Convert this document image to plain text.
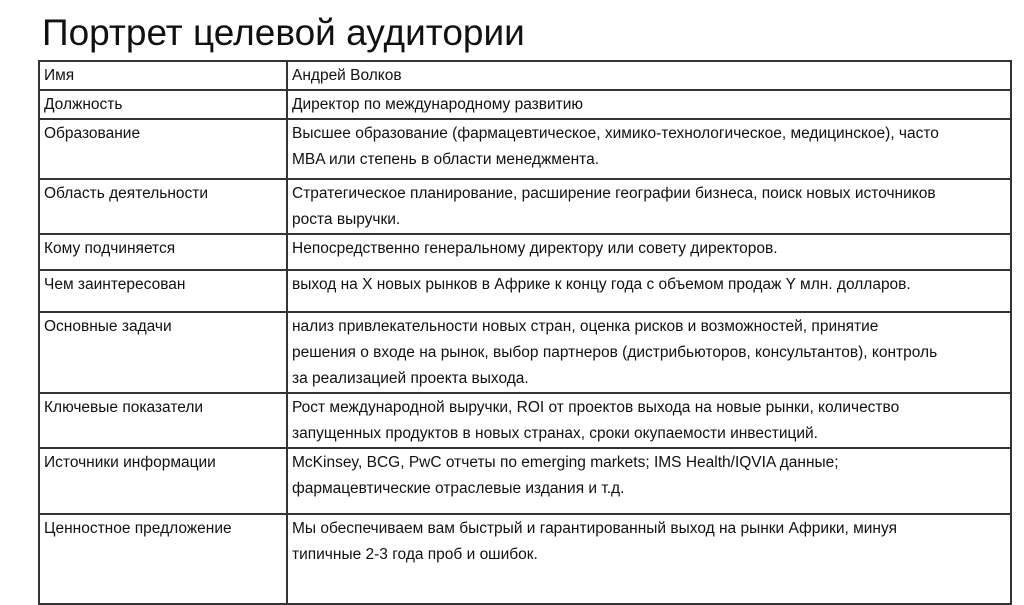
Портрет целевой аудитории
Имя	Андрей Волков
Должность	Директор по международному развитию
Образование	Высшее образование (фармацевтическое, химико-технологическое, медицинское), часто
MBA или степень в области менеджмента.
Область деятельности	Стратегическое планирование, расширение географии бизнеса, поиск новых источников
роста выручки.
Кому подчиняется	Непосредственно генеральному директору или совету директоров.
Чем заинтересован	выход на X новых рынков в Африке к концу года с объемом продаж Y млн. долларов.
Основные задачи	нализ привлекательности новых стран, оценка рисков и возможностей, принятие
решения о входе на рынок, выбор партнеров (дистрибьюторов, консультантов), контроль
за реализацией проекта выхода.
Ключевые показатели	Рост международной выручки, ROI от проектов выхода на новые рынки, количество
запущенных продуктов в новых странах, сроки окупаемости инвестиций.
Источники информации	McKinsey, BCG, PwC отчеты по emerging markets; IMS Health/IQVIA данные;
фармацевтические отраслевые издания и т.д.
Ценностное предложение	Мы обеспечиваем вам быстрый и гарантированный выход на рынки Африки, минуя
типичные 2-3 года проб и ошибок.
